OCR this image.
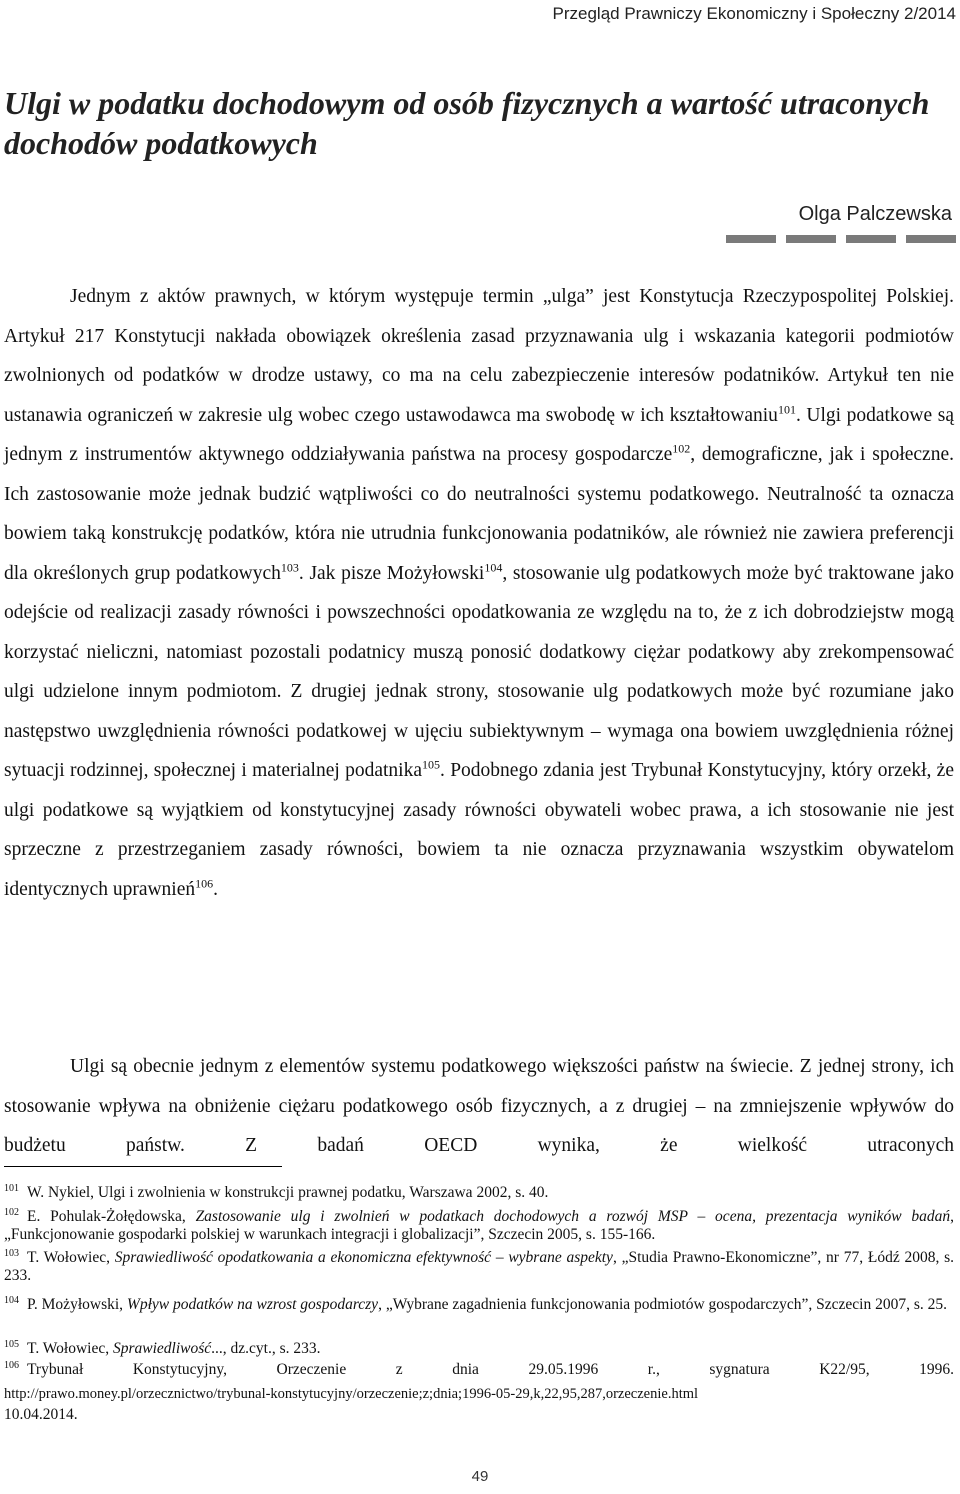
Przegląd Prawniczy Ekonomiczny i Społeczny 2/2014
Ulgi w podatku dochodowym od osób fizycznych a wartość utraconych dochodów podatkowych
Olga Palczewska

Jednym z aktów prawnych, w którym występuje termin „ulga” jest Konstytucja Rzeczypospolitej Polskiej. Artykuł 217 Konstytucji nakłada obowiązek określenia zasad przyznawania ulg i wskazania kategorii podmiotów zwolnionych od podatków w drodze ustawy, co ma na celu zabezpieczenie interesów podatników. Artykuł ten nie ustanawia ograniczeń w zakresie ulg wobec czego ustawodawca ma swobodę w ich kształtowaniu$^{101}$. Ulgi podatkowe są jednym z instrumentów aktywnego oddziaływania państwa na procesy gospodarcze$^{102}$, demograficzne, jak i społeczne. Ich zastosowanie może jednak budzić wątpliwości co do neutralności systemu podatkowego. Neutralność ta oznacza bowiem taką konstrukcję podatków, która nie utrudnia funkcjonowania podatników, ale również nie zawiera preferencji dla określonych grup podatkowych$^{103}$. Jak pisze Możyłowski$^{104}$, stosowanie ulg podatkowych może być traktowane jako odejście od realizacji zasady równości i powszechności opodatkowania ze względu na to, że z ich dobrodziejstw mogą korzystać nieliczni, natomiast pozostali podatnicy muszą ponosić dodatkowy ciężar podatkowy aby zrekompensować ulgi udzielone innym podmiotom. Z drugiej jednak strony, stosowanie ulg podatkowych może być rozumiane jako następstwo uwzględnienia równości podatkowej w ujęciu subiektywnym – wymaga ona bowiem uwzględnienia różnej sytuacji rodzinnej, społecznej i materialnej podatnika$^{105}$. Podobnego zdania jest Trybunał Konstytucyjny, który orzekł, że ulgi podatkowe są wyjątkiem od konstytucyjnej zasady równości obywateli wobec prawa, a ich stosowanie nie jest sprzeczne z przestrzeganiem zasady równości, bowiem ta nie oznacza przyznawania wszystkim obywatelom identycznych uprawnień$^{106}$.

Ulgi są obecnie jednym z elementów systemu podatkowego większości państw na świecie. Z jednej strony, ich stosowanie wpływa na obniżenie ciężaru podatkowego osób fizycznych, a z drugiej – na zmniejszenie wpływów do budżetu państw. Z badań OECD wynika, że wielkość utraconych

$^{101}$ W. Nykiel, Ulgi i zwolnienia w konstrukcji prawnej podatku, Warszawa 2002, s. 40.

$^{102}$ E. Pohulak-Żołędowska, Zastosowanie ulg i zwolnień w podatkach dochodowych a rozwój MSP – ocena, prezentacja wyników badań, „Funkcjonowanie gospodarki polskiej w warunkach integracji i globalizacji”, Szczecin 2005, s. 155-166.

$^{103}$ T. Wołowiec, Sprawiedliwość opodatkowania a ekonomiczna efektywność – wybrane aspekty, „Studia Prawno-Ekonomiczne”, nr 77, Łódź 2008, s. 233.

$^{104}$ P. Możyłowski, Wpływ podatków na wzrost gospodarczy, „Wybrane zagadnienia funkcjonowania podmiotów gospodarczych”, Szczecin 2007, s. 25.

$^{105}$ T. Wołowiec, Sprawiedliwość..., dz.cyt., s. 233.

$^{106}$ Trybunał Konstytucyjny, Orzeczenie z dnia 29.05.1996 r., sygnatura K22/95, 1996.

http://prawo.money.pl/orzecznictwo/trybunal-konstytucyjny/orzeczenie;z;dnia;1996-05-29,k,22,95,287,orzeczenie.html

10.04.2014.

49
